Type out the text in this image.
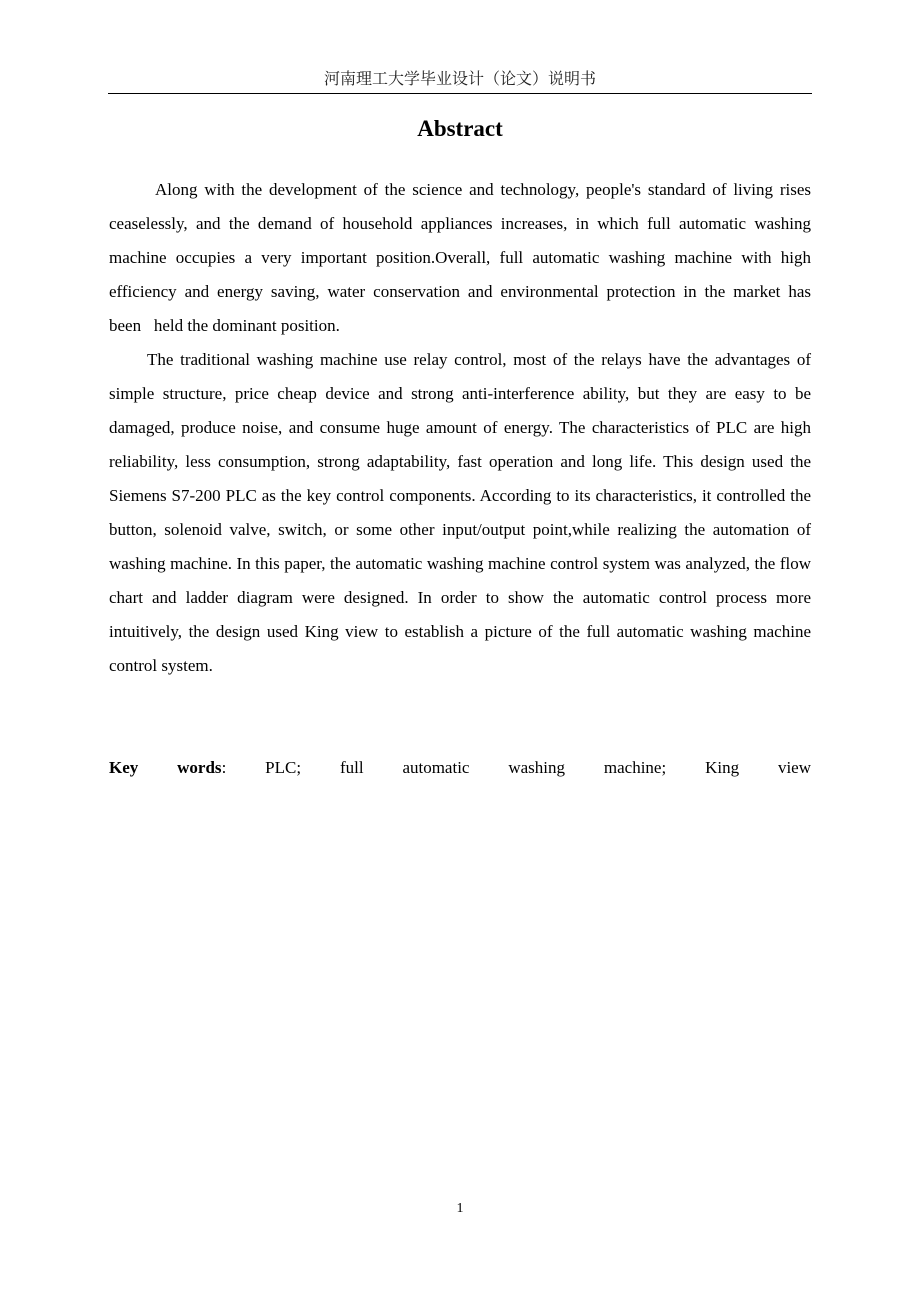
河南理工大学毕业设计（论文）说明书
Abstract

Along with the development of the science and technology, people's standard of living rises ceaselessly, and the demand of household appliances increases, in which full automatic washing machine occupies a very important position.Overall, full automatic washing machine with high efficiency and energy saving, water conservation and environmental protection in the market has been   held the dominant position.

The traditional washing machine use relay control, most of the relays have the advantages of simple structure, price cheap device and strong anti-interference ability, but they are easy to be damaged, produce noise, and consume huge amount of energy. The characteristics of PLC are high reliability, less consumption, strong adaptability, fast operation and long life. This design used the Siemens S7-200 PLC as the key control components. According to its characteristics, it controlled the button, solenoid valve, switch, or some other input/output point,while realizing the automation of washing machine. In this paper, the automatic washing machine control system was analyzed, the flow chart and ladder diagram were designed. In order to show the automatic control process more intuitively, the design used King view to establish a picture of the full automatic washing machine control system.

Key words: PLC; full automatic washing machine; King view
1
